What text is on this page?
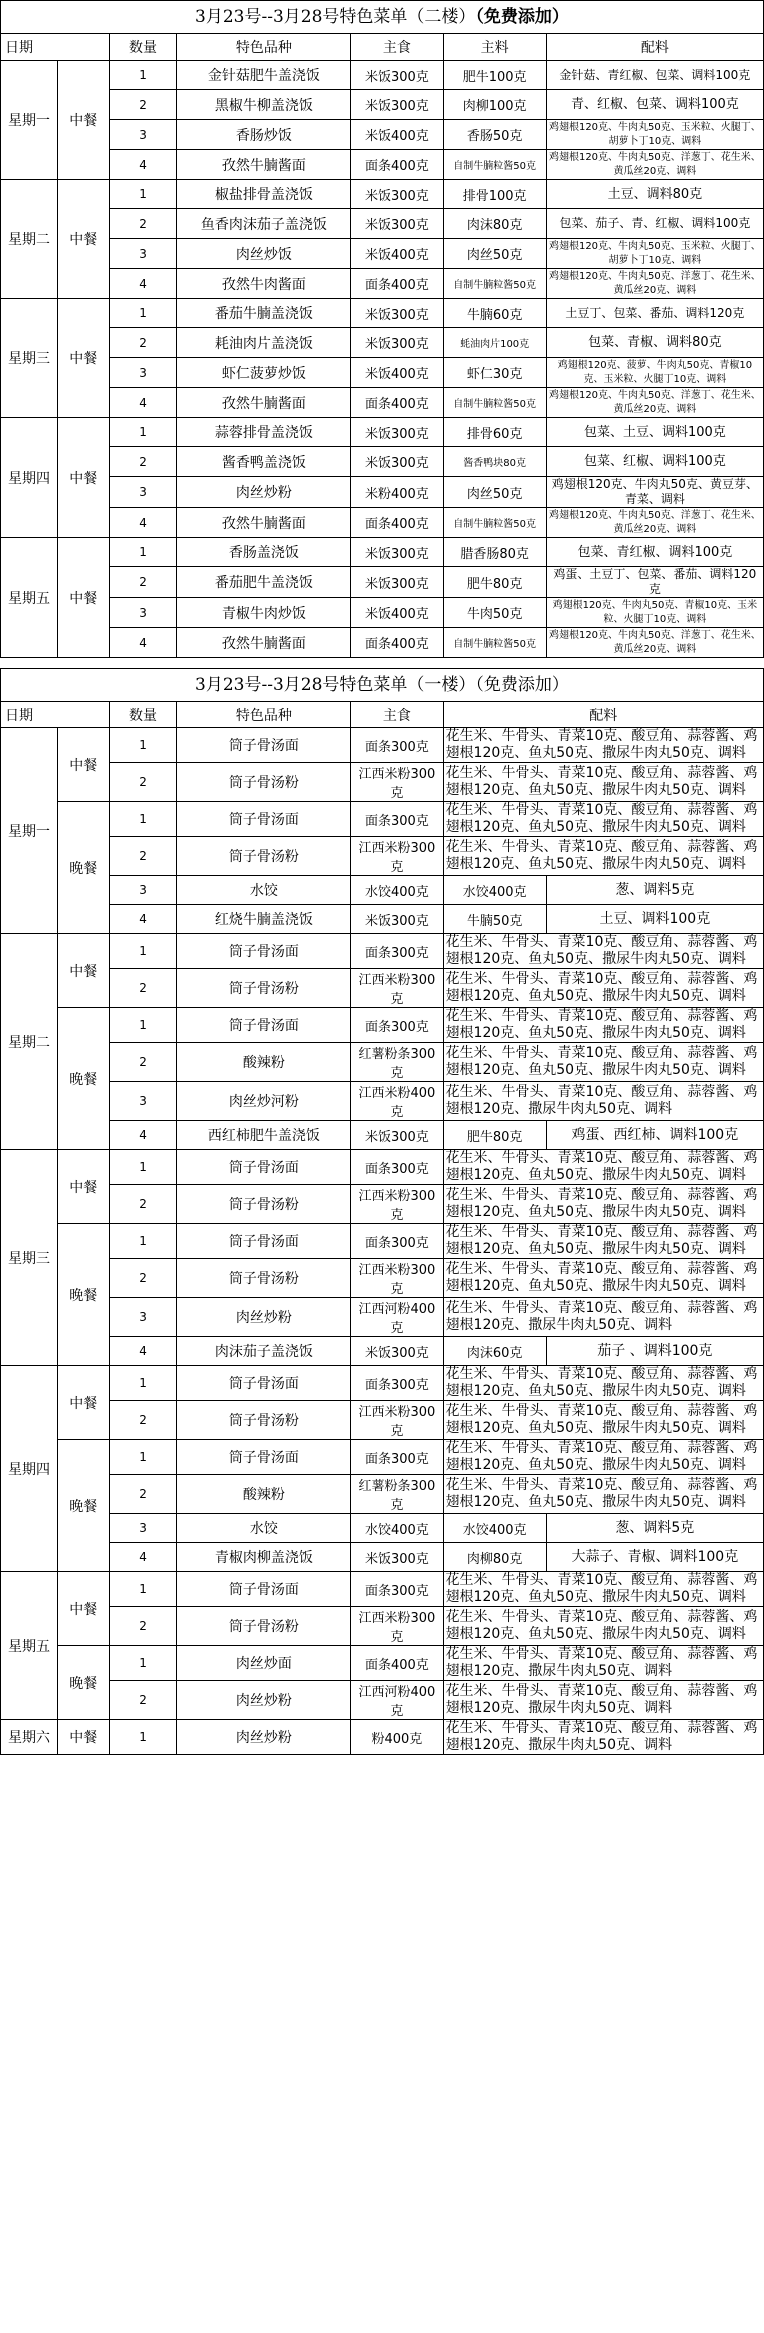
3月23号--3月28号特色菜单（二楼）（免费添加）
日期		数量	特色品种	主食	主料	配料
星期一	中餐	1	金针菇肥牛盖浇饭	米饭300克	肥牛100克	金针菇、青红椒、包菜、调料100克
		2	黑椒牛柳盖浇饭	米饭300克	肉柳100克	青、红椒、包菜、调料100克
		3	香肠炒饭	米饭400克	香肠50克	鸡翅根120克、牛肉丸50克、玉米粒、火腿丁、胡萝卜丁10克、调料
		4	孜然牛腩酱面	面条400克	自制牛腩粒酱50克	鸡翅根120克、牛肉丸50克、洋葱丁、花生米、黄瓜丝20克、调料
星期二	中餐	1	椒盐排骨盖浇饭	米饭300克	排骨100克	土豆、调料80克
		2	鱼香肉沫茄子盖浇饭	米饭300克	肉沫80克	包菜、茄子、青、红椒、调料100克
		3	肉丝炒饭	米饭400克	肉丝50克	鸡翅根120克、牛肉丸50克、玉米粒、火腿丁、胡萝卜丁10克、调料
		4	孜然牛肉酱面	面条400克	自制牛腩粒酱50克	鸡翅根120克、牛肉丸50克、洋葱丁、花生米、黄瓜丝20克、调料
星期三	中餐	1	番茄牛腩盖浇饭	米饭300克	牛腩60克	土豆丁、包菜、番茄、调料120克
		2	耗油肉片盖浇饭	米饭300克	蚝油肉片100克	包菜、青椒、调料80克
		3	虾仁菠萝炒饭	米饭400克	虾仁30克	鸡翅根120克、菠萝、牛肉丸50克、青椒10克、玉米粒、火腿丁10克、调料
		4	孜然牛腩酱面	面条400克	自制牛腩粒酱50克	鸡翅根120克、牛肉丸50克、洋葱丁、花生米、黄瓜丝20克、调料
星期四	中餐	1	蒜蓉排骨盖浇饭	米饭300克	排骨60克	包菜、土豆、调料100克
		2	酱香鸭盖浇饭	米饭300克	酱香鸭块80克	包菜、红椒、调料100克
		3	肉丝炒粉	米粉400克	肉丝50克	鸡翅根120克、牛肉丸50克、黄豆芽、青菜、调料
		4	孜然牛腩酱面	面条400克	自制牛腩粒酱50克	鸡翅根120克、牛肉丸50克、洋葱丁、花生米、黄瓜丝20克、调料
星期五	中餐	1	香肠盖浇饭	米饭300克	腊香肠80克	包菜、青红椒、调料100克
		2	番茄肥牛盖浇饭	米饭300克	肥牛80克	鸡蛋、土豆丁、包菜、番茄、调料120克
		3	青椒牛肉炒饭	米饭400克	牛肉50克	鸡翅根120克、牛肉丸50克、青椒10克、玉米粒、火腿丁10克、调料
		4	孜然牛腩酱面	面条400克	自制牛腩粒酱50克	鸡翅根120克、牛肉丸50克、洋葱丁、花生米、黄瓜丝20克、调料
3月23号--3月28号特色菜单（一楼）（免费添加）
日期		数量	特色品种	主食	配料	
星期一	中餐	1	筒子骨汤面	面条300克	花生米、牛骨头、青菜10克、酸豆角、蒜蓉酱、鸡翅根120克、鱼丸50克、撒尿牛肉丸50克、调料	
		2	筒子骨汤粉	江西米粉300克	花生米、牛骨头、青菜10克、酸豆角、蒜蓉酱、鸡翅根120克、鱼丸50克、撒尿牛肉丸50克、调料	
	晚餐	1	筒子骨汤面	面条300克	花生米、牛骨头、青菜10克、酸豆角、蒜蓉酱、鸡翅根120克、鱼丸50克、撒尿牛肉丸50克、调料	
		2	筒子骨汤粉	江西米粉300克	花生米、牛骨头、青菜10克、酸豆角、蒜蓉酱、鸡翅根120克、鱼丸50克、撒尿牛肉丸50克、调料	
		3	水饺	水饺400克	水饺400克	葱、调料5克
		4	红烧牛腩盖浇饭	米饭300克	牛腩50克	土豆、调料100克
星期二	中餐	1	筒子骨汤面	面条300克	花生米、牛骨头、青菜10克、酸豆角、蒜蓉酱、鸡翅根120克、鱼丸50克、撒尿牛肉丸50克、调料	
		2	筒子骨汤粉	江西米粉300克	花生米、牛骨头、青菜10克、酸豆角、蒜蓉酱、鸡翅根120克、鱼丸50克、撒尿牛肉丸50克、调料	
	晚餐	1	筒子骨汤面	面条300克	花生米、牛骨头、青菜10克、酸豆角、蒜蓉酱、鸡翅根120克、鱼丸50克、撒尿牛肉丸50克、调料	
		2	酸辣粉	红薯粉条300克	花生米、牛骨头、青菜10克、酸豆角、蒜蓉酱、鸡翅根120克、鱼丸50克、撒尿牛肉丸50克、调料	
		3	肉丝炒河粉	江西米粉400克	花生米、牛骨头、青菜10克、酸豆角、蒜蓉酱、鸡翅根120克、撒尿牛肉丸50克、调料	
		4	西红柿肥牛盖浇饭	米饭300克	肥牛80克	鸡蛋、西红柿、调料100克
星期三	中餐	1	筒子骨汤面	面条300克	花生米、牛骨头、青菜10克、酸豆角、蒜蓉酱、鸡翅根120克、鱼丸50克、撒尿牛肉丸50克、调料	
		2	筒子骨汤粉	江西米粉300克	花生米、牛骨头、青菜10克、酸豆角、蒜蓉酱、鸡翅根120克、鱼丸50克、撒尿牛肉丸50克、调料	
	晚餐	1	筒子骨汤面	面条300克	花生米、牛骨头、青菜10克、酸豆角、蒜蓉酱、鸡翅根120克、鱼丸50克、撒尿牛肉丸50克、调料	
		2	筒子骨汤粉	江西米粉300克	花生米、牛骨头、青菜10克、酸豆角、蒜蓉酱、鸡翅根120克、鱼丸50克、撒尿牛肉丸50克、调料	
		3	肉丝炒粉	江西河粉400克	花生米、牛骨头、青菜10克、酸豆角、蒜蓉酱、鸡翅根120克、撒尿牛肉丸50克、调料	
		4	肉沫茄子盖浇饭	米饭300克	肉沫60克	茄子 、调料100克
星期四	中餐	1	筒子骨汤面	面条300克	花生米、牛骨头、青菜10克、酸豆角、蒜蓉酱、鸡翅根120克、鱼丸50克、撒尿牛肉丸50克、调料	
		2	筒子骨汤粉	江西米粉300克	花生米、牛骨头、青菜10克、酸豆角、蒜蓉酱、鸡翅根120克、鱼丸50克、撒尿牛肉丸50克、调料	
	晚餐	1	筒子骨汤面	面条300克	花生米、牛骨头、青菜10克、酸豆角、蒜蓉酱、鸡翅根120克、鱼丸50克、撒尿牛肉丸50克、调料	
		2	酸辣粉	红薯粉条300克	花生米、牛骨头、青菜10克、酸豆角、蒜蓉酱、鸡翅根120克、鱼丸50克、撒尿牛肉丸50克、调料	
		3	水饺	水饺400克	水饺400克	葱、调料5克
		4	青椒肉柳盖浇饭	米饭300克	肉柳80克	大蒜子、青椒、调料100克
星期五	中餐	1	筒子骨汤面	面条300克	花生米、牛骨头、青菜10克、酸豆角、蒜蓉酱、鸡翅根120克、鱼丸50克、撒尿牛肉丸50克、调料	
		2	筒子骨汤粉	江西米粉300克	花生米、牛骨头、青菜10克、酸豆角、蒜蓉酱、鸡翅根120克、鱼丸50克、撒尿牛肉丸50克、调料	
	晚餐	1	肉丝炒面	面条400克	花生米、牛骨头、青菜10克、酸豆角、蒜蓉酱、鸡翅根120克、撒尿牛肉丸50克、调料	
		2	肉丝炒粉	江西河粉400克	花生米、牛骨头、青菜10克、酸豆角、蒜蓉酱、鸡翅根120克、撒尿牛肉丸50克、调料	
星期六	中餐	1	肉丝炒粉	粉400克	花生米、牛骨头、青菜10克、酸豆角、蒜蓉酱、鸡翅根120克、撒尿牛肉丸50克、调料	
